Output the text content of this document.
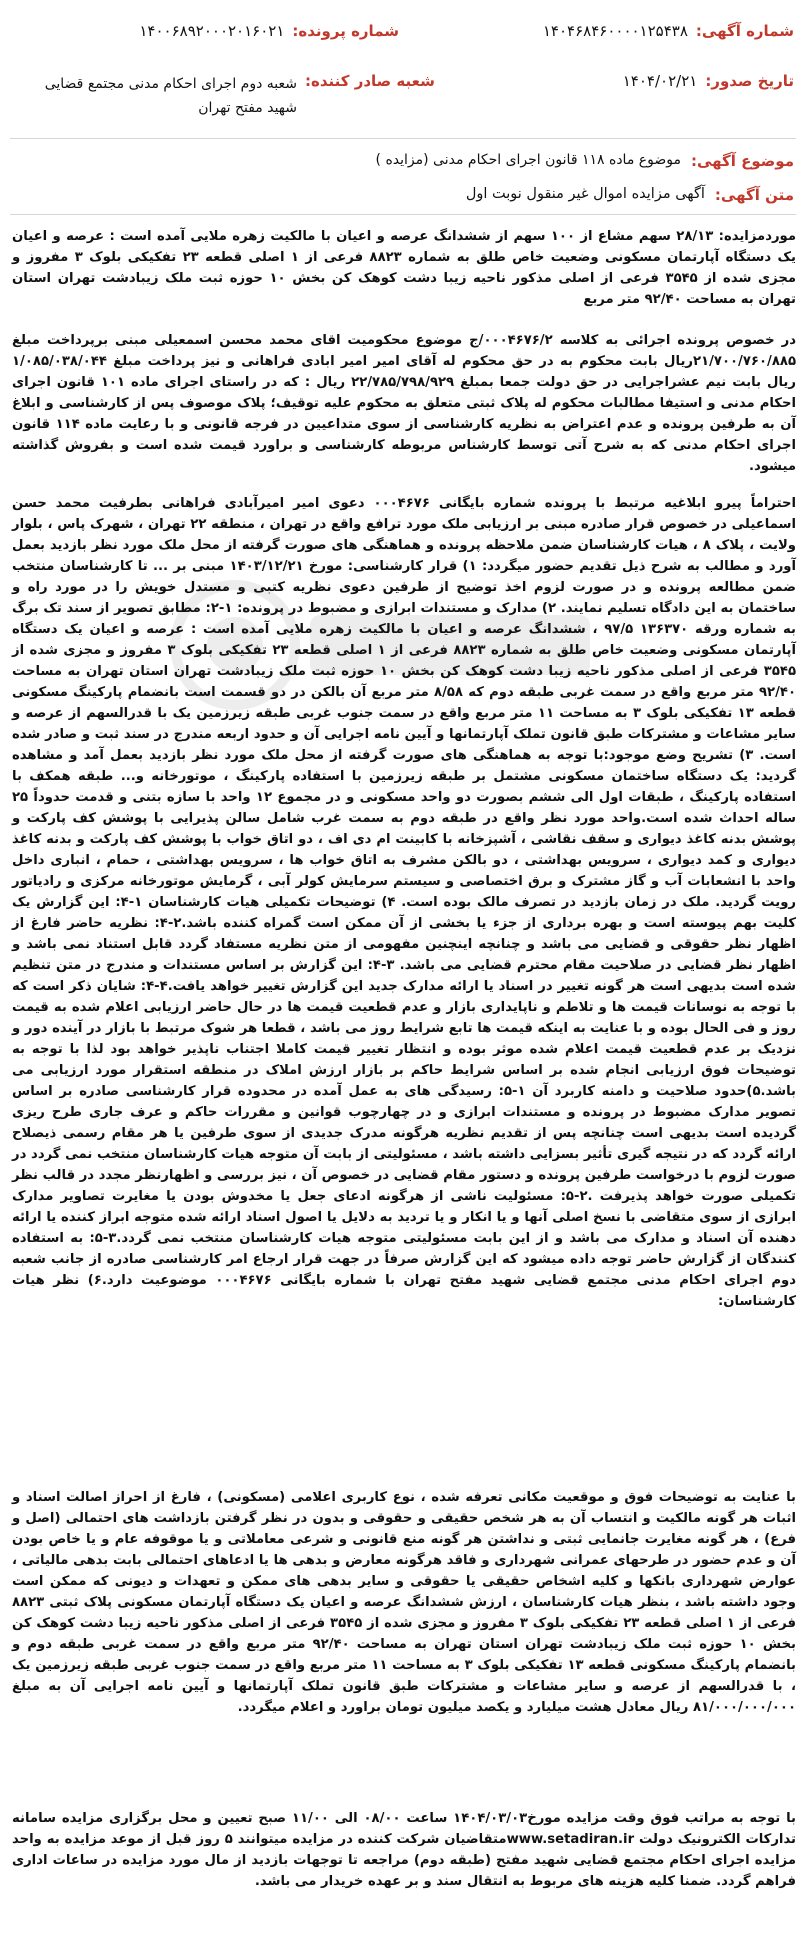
شماره آگهی:
۱۴۰۴۶۸۴۶۰۰۰۰۱۲۵۴۳۸
شماره پرونده:
۱۴۰۰۶۸۹۲۰۰۰۲۰۱۶۰۲۱
تاریخ صدور:
۱۴۰۴/۰۲/۲۱
شعبه صادر کننده:
شعبه دوم اجرای احکام مدنی مجتمع قضایی شهید مفتح تهران
موضوع آگهی:
موضوع ماده ۱۱۸ قانون اجرای احکام مدنی (مزایده )
متن آگهی:
آگهی مزایده اموال غیر منقول نوبت اول
موردمزایده: ۲۸/۱۳ سهم مشاع از ۱۰۰ سهم از ششدانگ عرصه و اعیان با مالکیت زهره ملایی آمده است : عرصه و اعیان یک دستگاه آپارتمان مسکونی وضعیت خاص طلق به شماره ۸۸۲۳ فرعی از ۱ اصلی قطعه ۲۳ تفکیکی بلوک ۳ مفروز و مجزی شده از ۳۵۴۵ فرعی از اصلی مذکور ناحیه زیبا دشت کوهک کن بخش ۱۰ حوزه ثبت ملک زیبادشت تهران استان تهران به مساحت ۹۲/۴۰ متر مربع
در خصوص پرونده اجرائی به کلاسه ۰۰۰۴۶۷۶/۲/ج موضوع محکومیت اقای محمد محسن اسمعیلی مبنی برپرداخت مبلغ ۲۱/۷۰۰/۷۶۰/۸۸۵ریال بابت محکوم به در حق محکوم له آقای امیر امیر ابادی فراهانی و نیز پرداخت مبلغ ۱/۰۸۵/۰۳۸/۰۴۴ ریال بابت نیم عشراجرایی در حق دولت جمعا بمبلغ ۲۲/۷۸۵/۷۹۸/۹۲۹ ریال : که در راستای اجرای ماده ۱۰۱ قانون اجرای احکام مدنی و استیفا مطالبات محکوم له پلاک ثبتی متعلق به محکوم علیه توقیف؛ پلاک موصوف پس از کارشناسی و ابلاغ آن به طرفین پرونده و عدم اعتراض به نظریه کارشناسی از سوی متداعیین در فرجه قانونی و با رعایت ماده ۱۱۴ قانون اجرای احکام مدنی که به شرح آتی توسط کارشناس مربوطه کارشناسی و براورد قیمت شده است و بفروش گذاشته میشود.
احتراماً پیرو ابلاغیه مرتبط با پرونده شماره بایگانی ۰۰۰۴۶۷۶ دعوی امیر امیرآبادی فراهانی بطرفیت محمد حسن اسماعیلی در خصوص قرار صادره مبنی بر ارزیابی ملک مورد ترافع واقع در تهران ، منطقه ۲۲ تهران ، شهرک پاس ، بلوار ولایت ، پلاک ۸ ، هیات کارشناسان ضمن ملاحظه پرونده و هماهنگی های صورت گرفته از محل ملک مورد نظر بازدید بعمل آورد و مطالب به شرح ذیل تقدیم حضور میگردد: ۱) قرار کارشناسی: مورخ ۱۴۰۳/۱۲/۲۱ مبنی بر ... تا کارشناسان منتخب ضمن مطالعه پرونده و در صورت لزوم اخذ توضیح از طرفین دعوی نظریه کتبی و مستدل خویش را در مورد راه و ساختمان به این دادگاه تسلیم نمایند. ۲) مدارک و مستندات ابرازی و مضبوط در پرونده: ۱-۲: مطابق تصویر از سند تک برگ به شماره ورقه ۱۳۶۳۷۰ ۹۷/۵ ، ششدانگ عرصه و اعیان با مالکیت زهره ملایی آمده است : عرصه و اعیان یک دستگاه آپارتمان مسکونی وضعیت خاص طلق به شماره ۸۸۲۳ فرعی از ۱ اصلی قطعه ۲۳ تفکیکی بلوک ۳ مفروز و مجزی شده از ۳۵۴۵ فرعی از اصلی مذکور ناحیه زیبا دشت کوهک کن بخش ۱۰ حوزه ثبت ملک زیبادشت تهران استان تهران به مساحت ۹۲/۴۰ متر مربع واقع در سمت غربی طبقه دوم که ۸/۵۸ متر مربع آن بالکن در دو قسمت است بانضمام پارکینگ مسکونی قطعه ۱۳ تفکیکی بلوک ۳ به مساحت ۱۱ متر مربع واقع در سمت جنوب غربی طبقه زیرزمین یک با قدرالسهم از عرصه و سایر مشاعات و مشترکات طبق قانون تملک آپارتمانها و آیین نامه اجرایی آن و حدود اربعه مندرج در سند ثبت و صادر شده است. ۳) تشریح وضع موجود:با توجه به هماهنگی های صورت گرفته از محل ملک مورد نظر بازدید بعمل آمد و مشاهده گردید: یک دستگاه ساختمان مسکونی مشتمل بر طبقه زیرزمین با استفاده پارکینگ ، موتورخانه و... طبقه همکف با استفاده پارکینگ ، طبقات اول الی ششم بصورت دو واحد مسکونی و در مجموع ۱۲ واحد با سازه بتنی و قدمت حدوداً ۲۵ ساله احداث شده است.واحد مورد نظر واقع در طبقه دوم به سمت غرب شامل سالن پذیرایی با پوشش کف پارکت و پوشش بدنه کاغذ دیواری و سقف نقاشی ، آشپزخانه با کابینت ام دی اف ، دو اتاق خواب با پوشش کف پارکت و بدنه کاغذ دیواری و کمد دیواری ، سرویس بهداشتی ، دو بالکن مشرف به اتاق خواب ها ، سرویس بهداشتی ، حمام ، انباری داخل واحد با انشعابات آب و گاز مشترک و برق اختصاصی و سیستم سرمایش کولر آبی ، گرمایش موتورخانه مرکزی و رادیاتور رویت گردید. ملک در زمان بازدید در تصرف مالک بوده است. ۴) توضیحات تکمیلی هیات کارشناسان ۱-۴: این گزارش یک کلیت بهم پیوسته است و بهره برداری از جزء یا بخشی از آن ممکن است گمراه کننده باشد.۲-۴: نظریه حاضر فارغ از اظهار نظر حقوقی و قضایی می باشد و چنانچه اینچنین مفهومی از متن نظریه مستفاد گردد قابل استناد نمی باشد و اظهار نظر قضایی در صلاحیت مقام محترم قضایی می باشد. ۳-۴: این گزارش بر اساس مستندات و مندرج در متن تنظیم شده است بدیهی است هر گونه تغییر در اسناد یا ارائه مدارک جدید این گزارش تغییر خواهد یافت.۴-۴: شایان ذکر است که با توجه به نوسانات قیمت ها و تلاطم و ناپایداری بازار و عدم قطعیت قیمت ها در حال حاضر ارزیابی اعلام شده به قیمت روز و فی الحال بوده و با عنایت به اینکه قیمت ها تابع شرایط روز می باشد ، قطعا هر شوک مرتبط با بازار در آینده دور و نزدیک بر عدم قطعیت قیمت اعلام شده موثر بوده و انتظار تغییر قیمت کاملا اجتناب ناپذیر خواهد بود لذا با توجه به توضیحات فوق ارزیابی انجام شده بر اساس شرایط حاکم بر بازار ارزش املاک در منطقه استقرار مورد ارزیابی می باشد.۵)حدود صلاحیت و دامنه کاربرد آن ۱-۵: رسیدگی های به عمل آمده در محدوده قرار کارشناسی صادره بر اساس تصویر مدارک مضبوط در پرونده و مستندات ابرازی و در چهارچوب قوانین و مقررات حاکم و عرف جاری طرح ریزی گردیده است بدیهی است چنانچه پس از تقدیم نظریه هرگونه مدرک جدیدی از سوی طرفین یا هر مقام رسمی ذیصلاح ارائه گردد که در نتیجه گیری تأثیر بسزایی داشته باشد ، مسئولیتی از بابت آن متوجه هیات کارشناسان منتخب نمی گردد در صورت لزوم با درخواست طرفین پرونده و دستور مقام قضایی در خصوص آن ، نیز بررسی و اظهارنظر مجدد در قالب نظر تکمیلی صورت خواهد پذیرفت .۲-۵: مسئولیت ناشی از هرگونه ادعای جعل یا مخدوش بودن یا مغایرت تصاویر مدارک ابرازی از سوی متقاضی با نسخ اصلی آنها و یا انکار و یا تردید به دلایل یا اصول اسناد ارائه شده متوجه ابراز کننده یا ارائه دهنده آن اسناد و مدارک می باشد و از این بابت مسئولیتی متوجه هیات کارشناسان منتخب نمی گردد.۳-۵: به استفاده کنندگان از گزارش حاضر توجه داده میشود که این گزارش صرفاً در جهت قرار ارجاع امر کارشناسی صادره از جانب شعبه دوم اجرای احکام مدنی مجتمع قضایی شهید مفتح تهران با شماره بایگانی ۰۰۰۴۶۷۶ موضوعیت دارد.۶) نظر هیات کارشناسان:
با عنایت به توضیحات فوق و موقعیت مکانی تعرفه شده ، نوع کاربری اعلامی (مسکونی) ، فارغ از احراز اصالت اسناد و اثبات هر گونه مالکیت و انتساب آن به هر شخص حقیقی و حقوقی و بدون در نظر گرفتن بازداشت های احتمالی (اصل و فرع) ، هر گونه مغایرت جانمایی ثبتی و نداشتن هر گونه منع قانونی و شرعی معاملاتی و یا موقوفه عام و یا خاص بودن آن و عدم حضور در طرحهای عمرانی شهرداری و فاقد هرگونه معارض و بدهی ها یا ادعاهای احتمالی بابت بدهی مالیاتی ، عوارض شهرداری بانکها و کلیه اشخاص حقیقی یا حقوقی و سایر بدهی های ممکن و تعهدات و دیونی که ممکن است وجود داشته باشد ، بنظر هیات کارشناسان ، ارزش ششدانگ عرصه و اعیان یک دستگاه آپارتمان مسکونی پلاک ثبتی ۸۸۲۳ فرعی از ۱ اصلی قطعه ۲۳ تفکیکی بلوک ۳ مفروز و مجزی شده از ۳۵۴۵ فرعی از اصلی مذکور ناحیه زیبا دشت کوهک کن بخش ۱۰ حوزه ثبت ملک زیبادشت تهران استان تهران به مساحت ۹۲/۴۰ متر مربع واقع در سمت غربی طبقه دوم و بانضمام پارکینگ مسکونی قطعه ۱۳ تفکیکی بلوک ۳ به مساحت ۱۱ متر مربع واقع در سمت جنوب غربی طبقه زیرزمین یک ، با قدرالسهم از عرصه و سایر مشاعات و مشترکات طبق قانون تملک آپارتمانها و آیین نامه اجرایی آن به مبلغ ۸۱/۰۰۰/۰۰۰/۰۰۰ ریال معادل هشت میلیارد و یکصد میلیون تومان براورد و اعلام میگردد.
با توجه به مراتب فوق وقت مزایده مورخ۱۴۰۴/۰۳/۰۳ ساعت ۰۸/۰۰ الی ۱۱/۰۰ صبح تعیین و محل برگزاری مزایده سامانه تدارکات الکترونیک دولت www.setadiran.irمتقاضیان شرکت کننده در مزایده میتوانند ۵ روز قبل از موعد مزایده به واحد مزایده اجرای احکام مجتمع قضایی شهید مفتح (طبقه دوم) مراجعه تا توجهات بازدید از مال مورد مزایده در ساعات اداری فراهم گردد. ضمنا کلیه هزینه های مربوط به انتقال سند و بر عهده خریدار می باشد.
